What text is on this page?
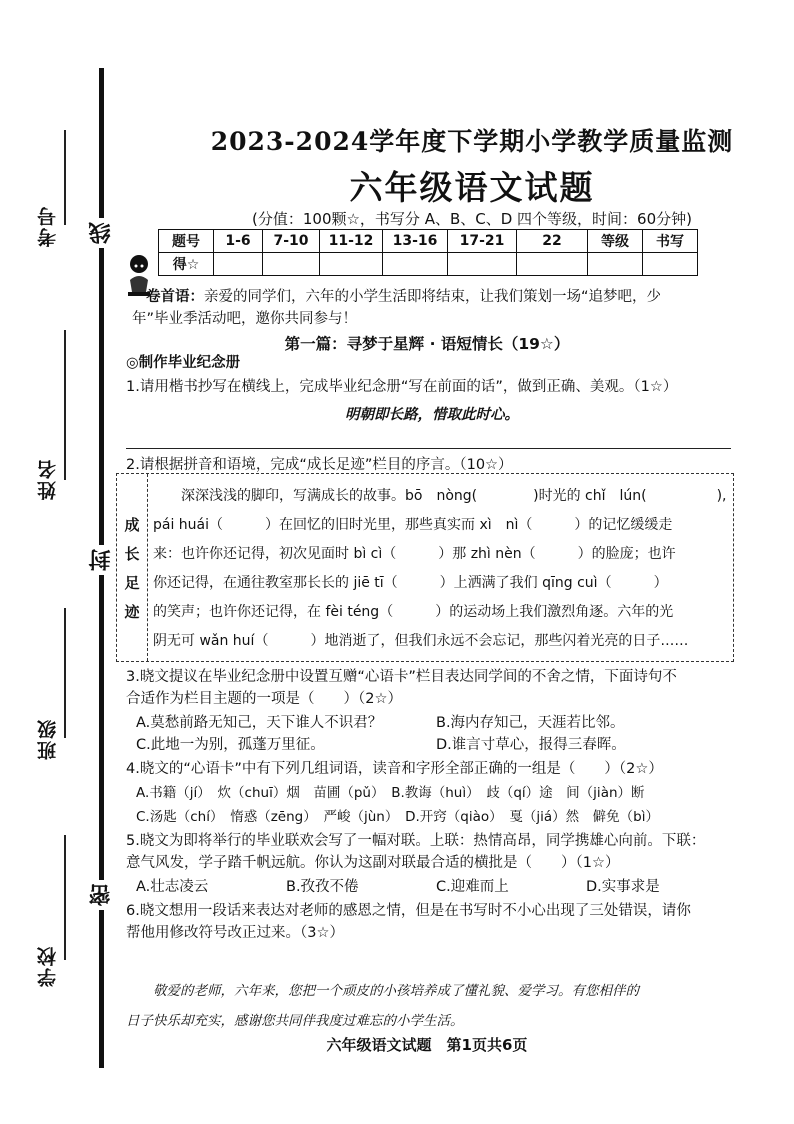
考号
姓名
班级
学校
线
封
密
2023-2024学年度下学期小学教学质量监测
六年级语文试题
(分值：100颗☆，书写分 A、B、C、D 四个等级，时间：60分钟)
题号	1-6	7-10	11-12	13-16	17-21	22	等级	书写
得☆								
卷首语：亲爱的同学们，六年的小学生活即将结束，让我们策划一场“追梦吧，少
年”毕业季活动吧，邀你共同参与！
第一篇：寻梦于星辉 · 语短情长（19☆）
◎制作毕业纪念册
1.请用楷书抄写在横线上，完成毕业纪念册“写在前面的话”，做到正确、美观。（1☆）
明朝即长路，惜取此时心。
2.请根据拼音和语境，完成“成长足迹”栏目的序言。（10☆）
成
长
足
迹
　　深深浅浅的脚印，写满成长的故事。bō　nòng(　　　　)时光的 chǐ　lún(　　　　　),
pái huái（　　　）在回忆的旧时光里，那些真实而 xì　nì（　　　）的记忆缓缓走
来：也许你还记得，初次见面时 bì cì（　　　）那 zhì nèn（　　　）的脸庞；也许
你还记得，在通往教室那长长的 jiē tī（　　　）上洒满了我们 qīng cuì（　　　）
的笑声；也许你还记得，在 fèi téng（　　　）的运动场上我们激烈角逐。六年的光
阴无可 wǎn huí（　　　）地消逝了，但我们永远不会忘记，那些闪着光亮的日子……
3.晓文提议在毕业纪念册中设置互赠“心语卡”栏目表达同学间的不舍之情，下面诗句不
合适作为栏目主题的一项是（　　）（2☆）
A.莫愁前路无知己，天下谁人不识君？	B.海内存知己，天涯若比邻。
C.此地一为别，孤蓬万里征。	D.谁言寸草心，报得三春晖。
4.晓文的“心语卡”中有下列几组词语，读音和字形全部正确的一组是（　　）（2☆）
A.书籍（jí）　炊（chuī）烟　苗圃（pǔ）　B.教诲（huì）　歧（qí）途　间（jiàn）断
C.汤匙（chí）　惰惑（zēng）　严峻（jùn）　D.开窍（qiào）　戛（jiá）然　僻免（bì）
5.晓文为即将举行的毕业联欢会写了一幅对联。上联：热情高昂，同学携雄心向前。下联：
意气风发，学子踏千帆远航。你认为这副对联最合适的横批是（　　）（1☆）
A.壮志凌云	B.孜孜不倦	C.迎难而上	D.实事求是
6.晓文想用一段话来表达对老师的感恩之情，但是在书写时不小心出现了三处错误，请你
帮他用修改符号改正过来。（3☆）
　　敬爱的老师，六年来，您把一个顽皮的小孩培养成了懂礼貌、爱学习。有您相伴的
日子快乐却充实，感谢您共同伴我度过难忘的小学生活。
六年级语文试题　第1页共6页
